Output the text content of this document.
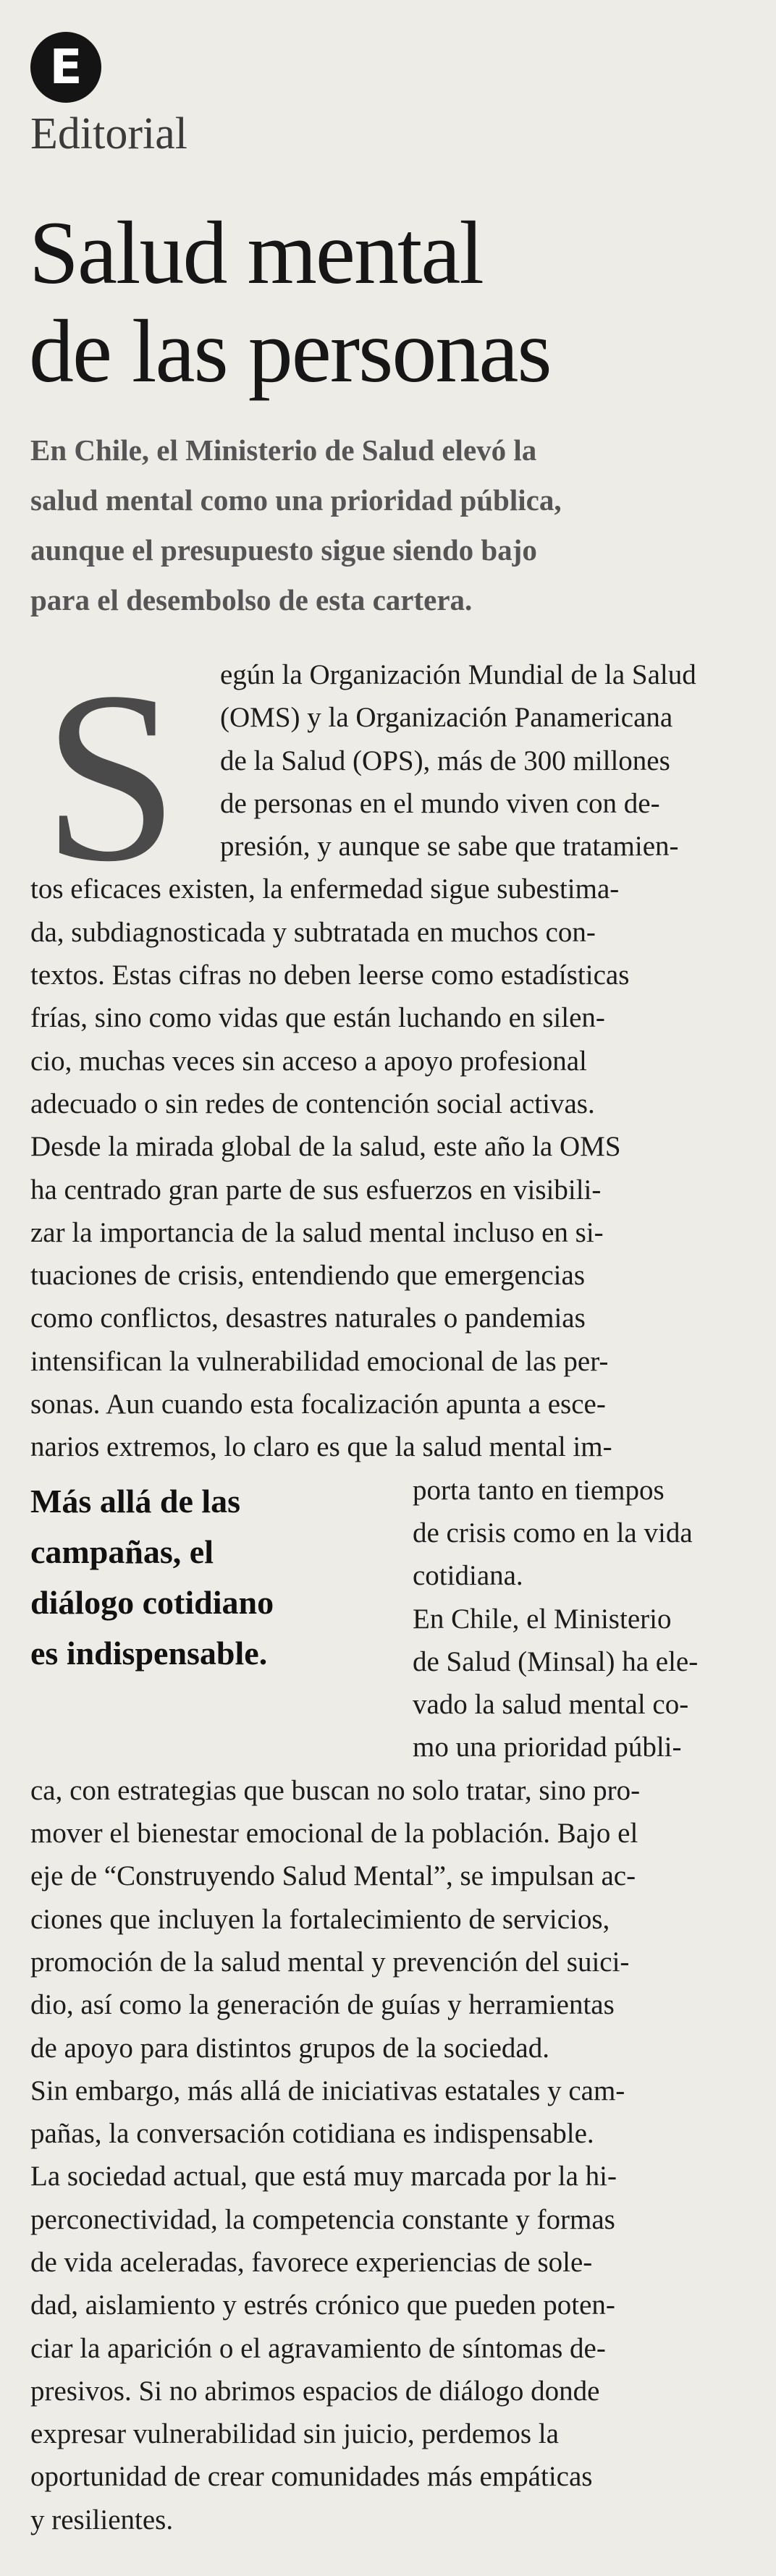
E
Editorial
Salud mental
de las personas
En Chile, el Ministerio de Salud elevó la
salud mental como una prioridad pública,
aunque el presupuesto sigue siendo bajo
para el desembolso de esta cartera.
S
Más allá de las
campañas, el
diálogo cotidiano
es indispensable.
egún la Organización Mundial de la Salud
(OMS) y la Organización Panamericana
de la Salud (OPS), más de 300 millones
de personas en el mundo viven con de-
presión, y aunque se sabe que tratamien-
tos eficaces existen, la enfermedad sigue subestima-
da, subdiagnosticada y subtratada en muchos con-
textos. Estas cifras no deben leerse como estadísticas
frías, sino como vidas que están luchando en silen-
cio, muchas veces sin acceso a apoyo profesional
adecuado o sin redes de contención social activas.
Desde la mirada global de la salud, este año la OMS
ha centrado gran parte de sus esfuerzos en visibili-
zar la importancia de la salud mental incluso en si-
tuaciones de crisis, entendiendo que emergencias
como conflictos, desastres naturales o pandemias
intensifican la vulnerabilidad emocional de las per-
sonas. Aun cuando esta focalización apunta a esce-
narios extremos, lo claro es que la salud mental im-
porta tanto en tiempos
de crisis como en la vida
cotidiana.
En Chile, el Ministerio
de Salud (Minsal) ha ele-
vado la salud mental co-
mo una prioridad públi-
ca, con estrategias que buscan no solo tratar, sino pro-
mover el bienestar emocional de la población. Bajo el
eje de “Construyendo Salud Mental”, se impulsan ac-
ciones que incluyen la fortalecimiento de servicios,
promoción de la salud mental y prevención del suici-
dio, así como la generación de guías y herramientas
de apoyo para distintos grupos de la sociedad.
Sin embargo, más allá de iniciativas estatales y cam-
pañas, la conversación cotidiana es indispensable.
La sociedad actual, que está muy marcada por la hi-
perconectividad, la competencia constante y formas
de vida aceleradas, favorece experiencias de sole-
dad, aislamiento y estrés crónico que pueden poten-
ciar la aparición o el agravamiento de síntomas de-
presivos. Si no abrimos espacios de diálogo donde
expresar vulnerabilidad sin juicio, perdemos la
oportunidad de crear comunidades más empáticas
y resilientes.
